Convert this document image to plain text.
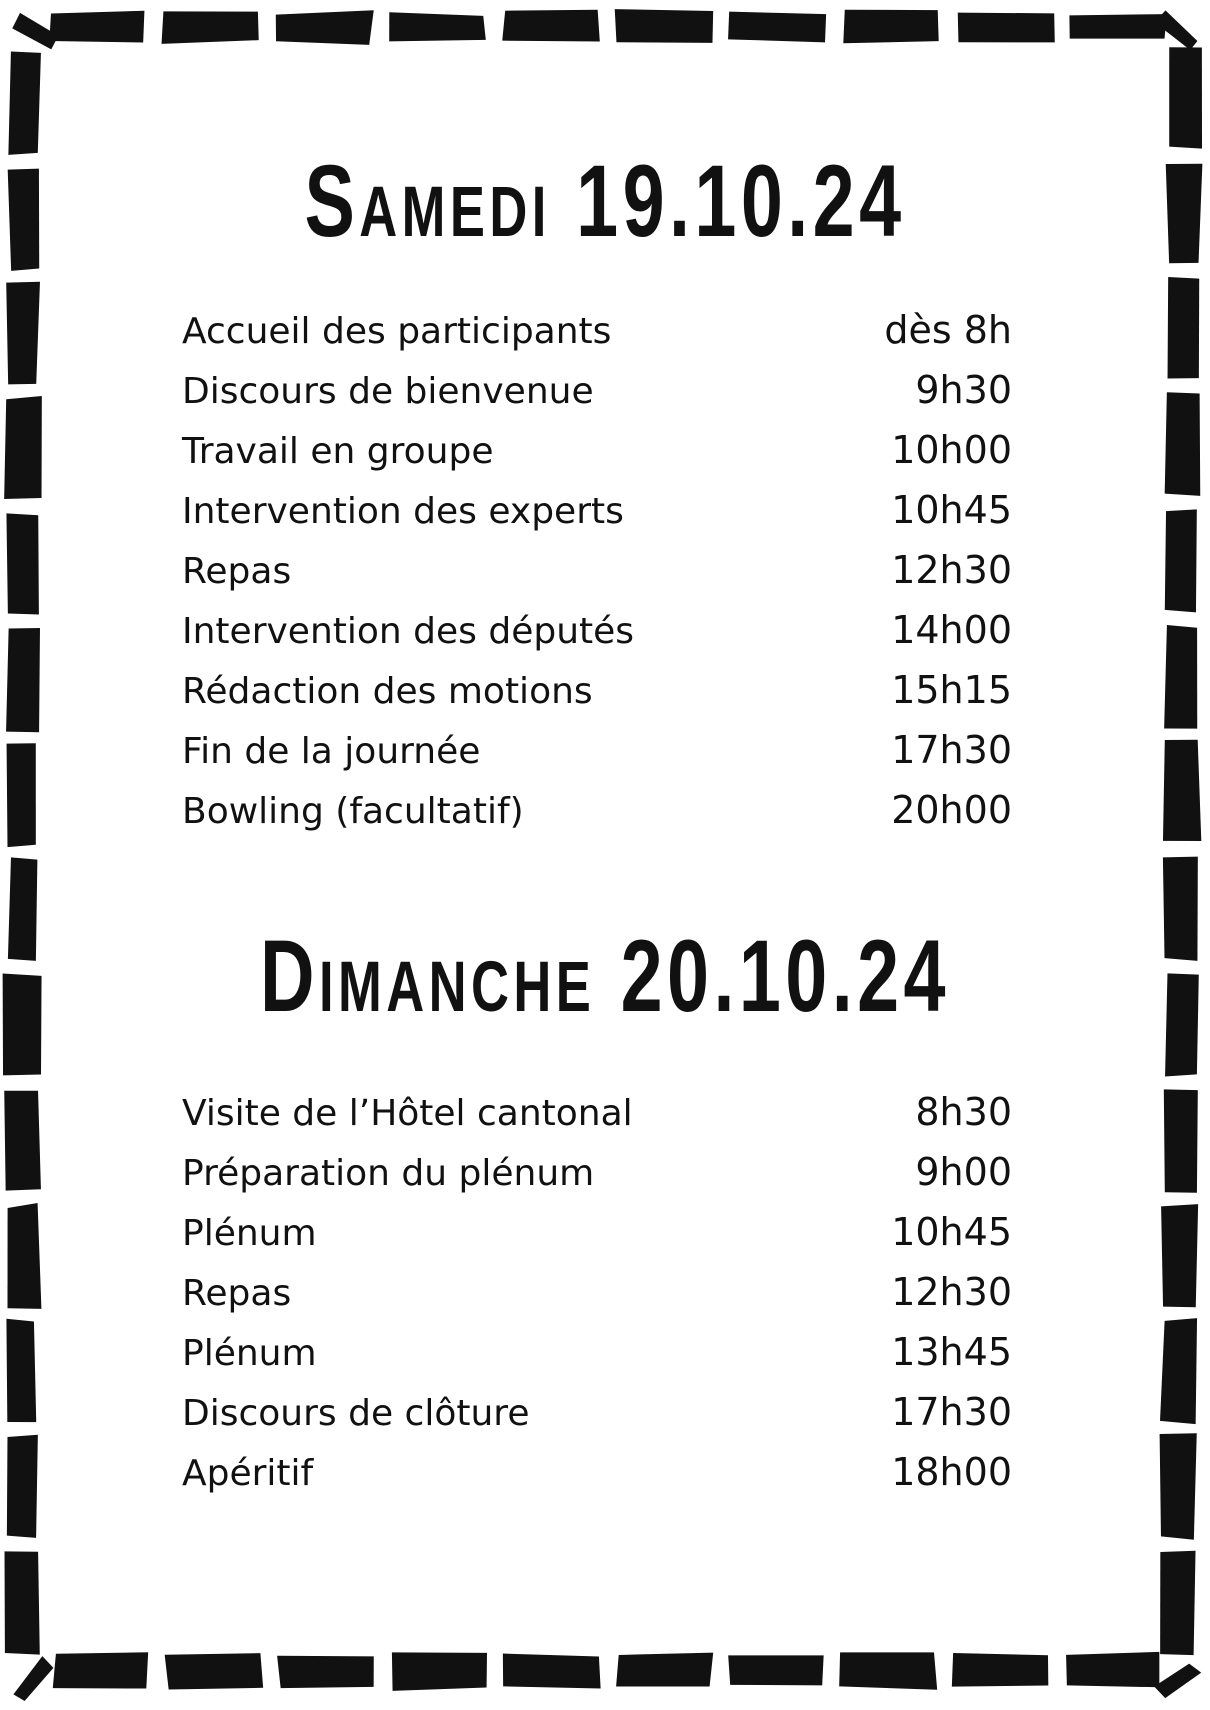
Samedi 19.10.24
Accueil des participants	dès 8h
Discours de bienvenue	9h30
Travail en groupe	10h00
Intervention des experts	10h45
Repas	12h30
Intervention des députés	14h00
Rédaction des motions	15h15
Fin de la journée	17h30
Bowling (facultatif)	20h00
Dimanche 20.10.24
Visite de l’Hôtel cantonal	8h30
Préparation du plénum	9h00
Plénum	10h45
Repas	12h30
Plénum	13h45
Discours de clôture	17h30
Apéritif	18h00
